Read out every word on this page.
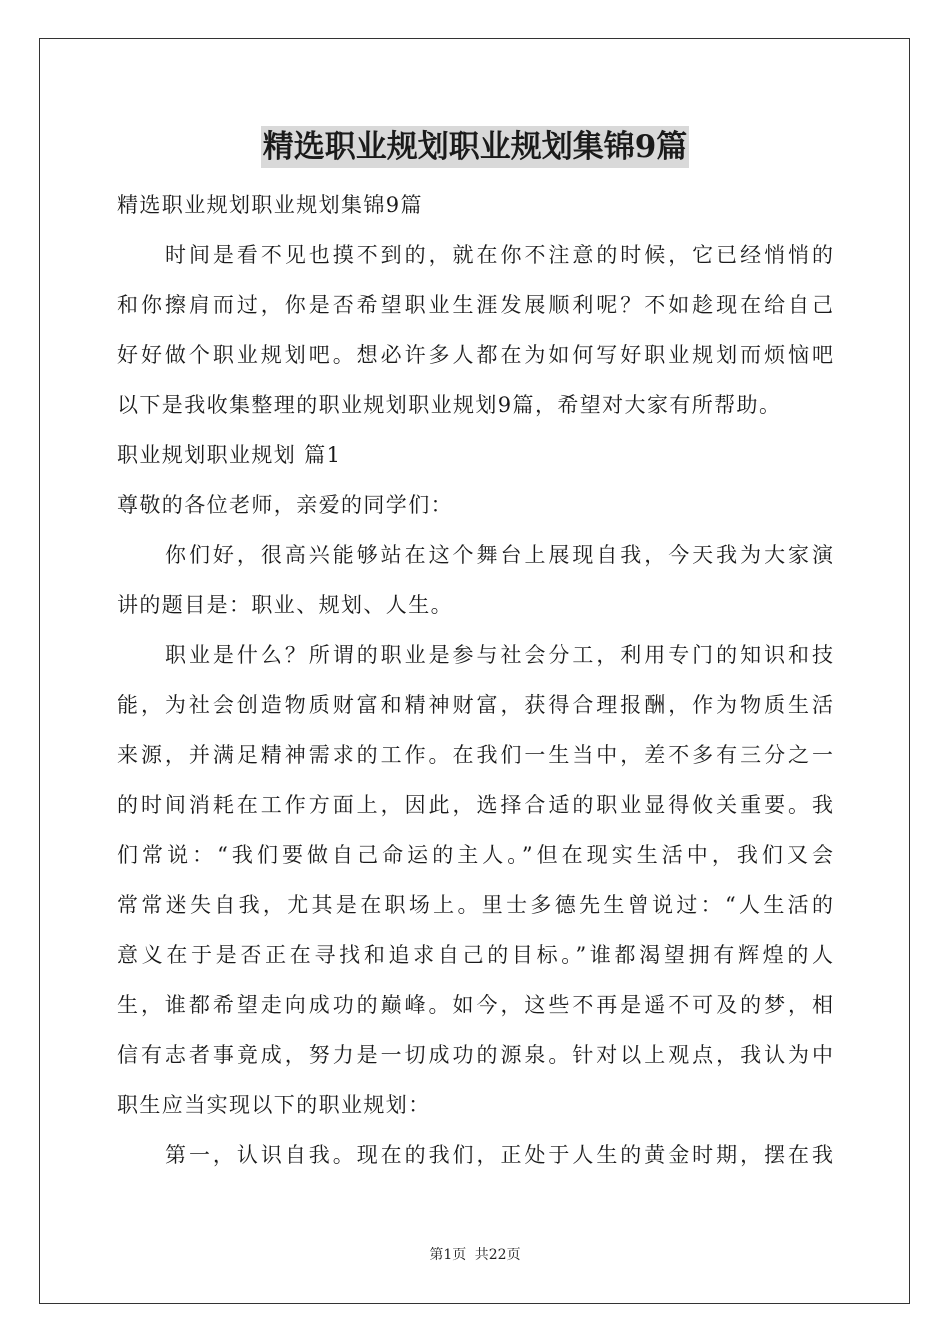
精选职业规划职业规划集锦9篇
精选职业规划职业规划集锦9篇
时间是看不见也摸不到的，就在你不注意的时候，它已经悄悄的
和你擦肩而过，你是否希望职业生涯发展顺利呢？不如趁现在给自己
好好做个职业规划吧。想必许多人都在为如何写好职业规划而烦恼吧
以下是我收集整理的职业规划职业规划9篇，希望对大家有所帮助。
职业规划职业规划 篇1
尊敬的各位老师，亲爱的同学们：
你们好，很高兴能够站在这个舞台上展现自我，今天我为大家演
讲的题目是：职业、规划、人生。
职业是什么？所谓的职业是参与社会分工，利用专门的知识和技
能，为社会创造物质财富和精神财富，获得合理报酬，作为物质生活
来源，并满足精神需求的工作。在我们一生当中，差不多有三分之一
的时间消耗在工作方面上，因此，选择合适的职业显得攸关重要。我
们常说：“我们要做自己命运的主人。”但在现实生活中，我们又会
常常迷失自我，尤其是在职场上。里士多德先生曾说过：“人生活的
意义在于是否正在寻找和追求自己的目标。”谁都渴望拥有辉煌的人
生，谁都希望走向成功的巅峰。如今，这些不再是遥不可及的梦，相
信有志者事竟成，努力是一切成功的源泉。针对以上观点，我认为中
职生应当实现以下的职业规划：
第一，认识自我。现在的我们，正处于人生的黄金时期，摆在我
第1页 共22页
